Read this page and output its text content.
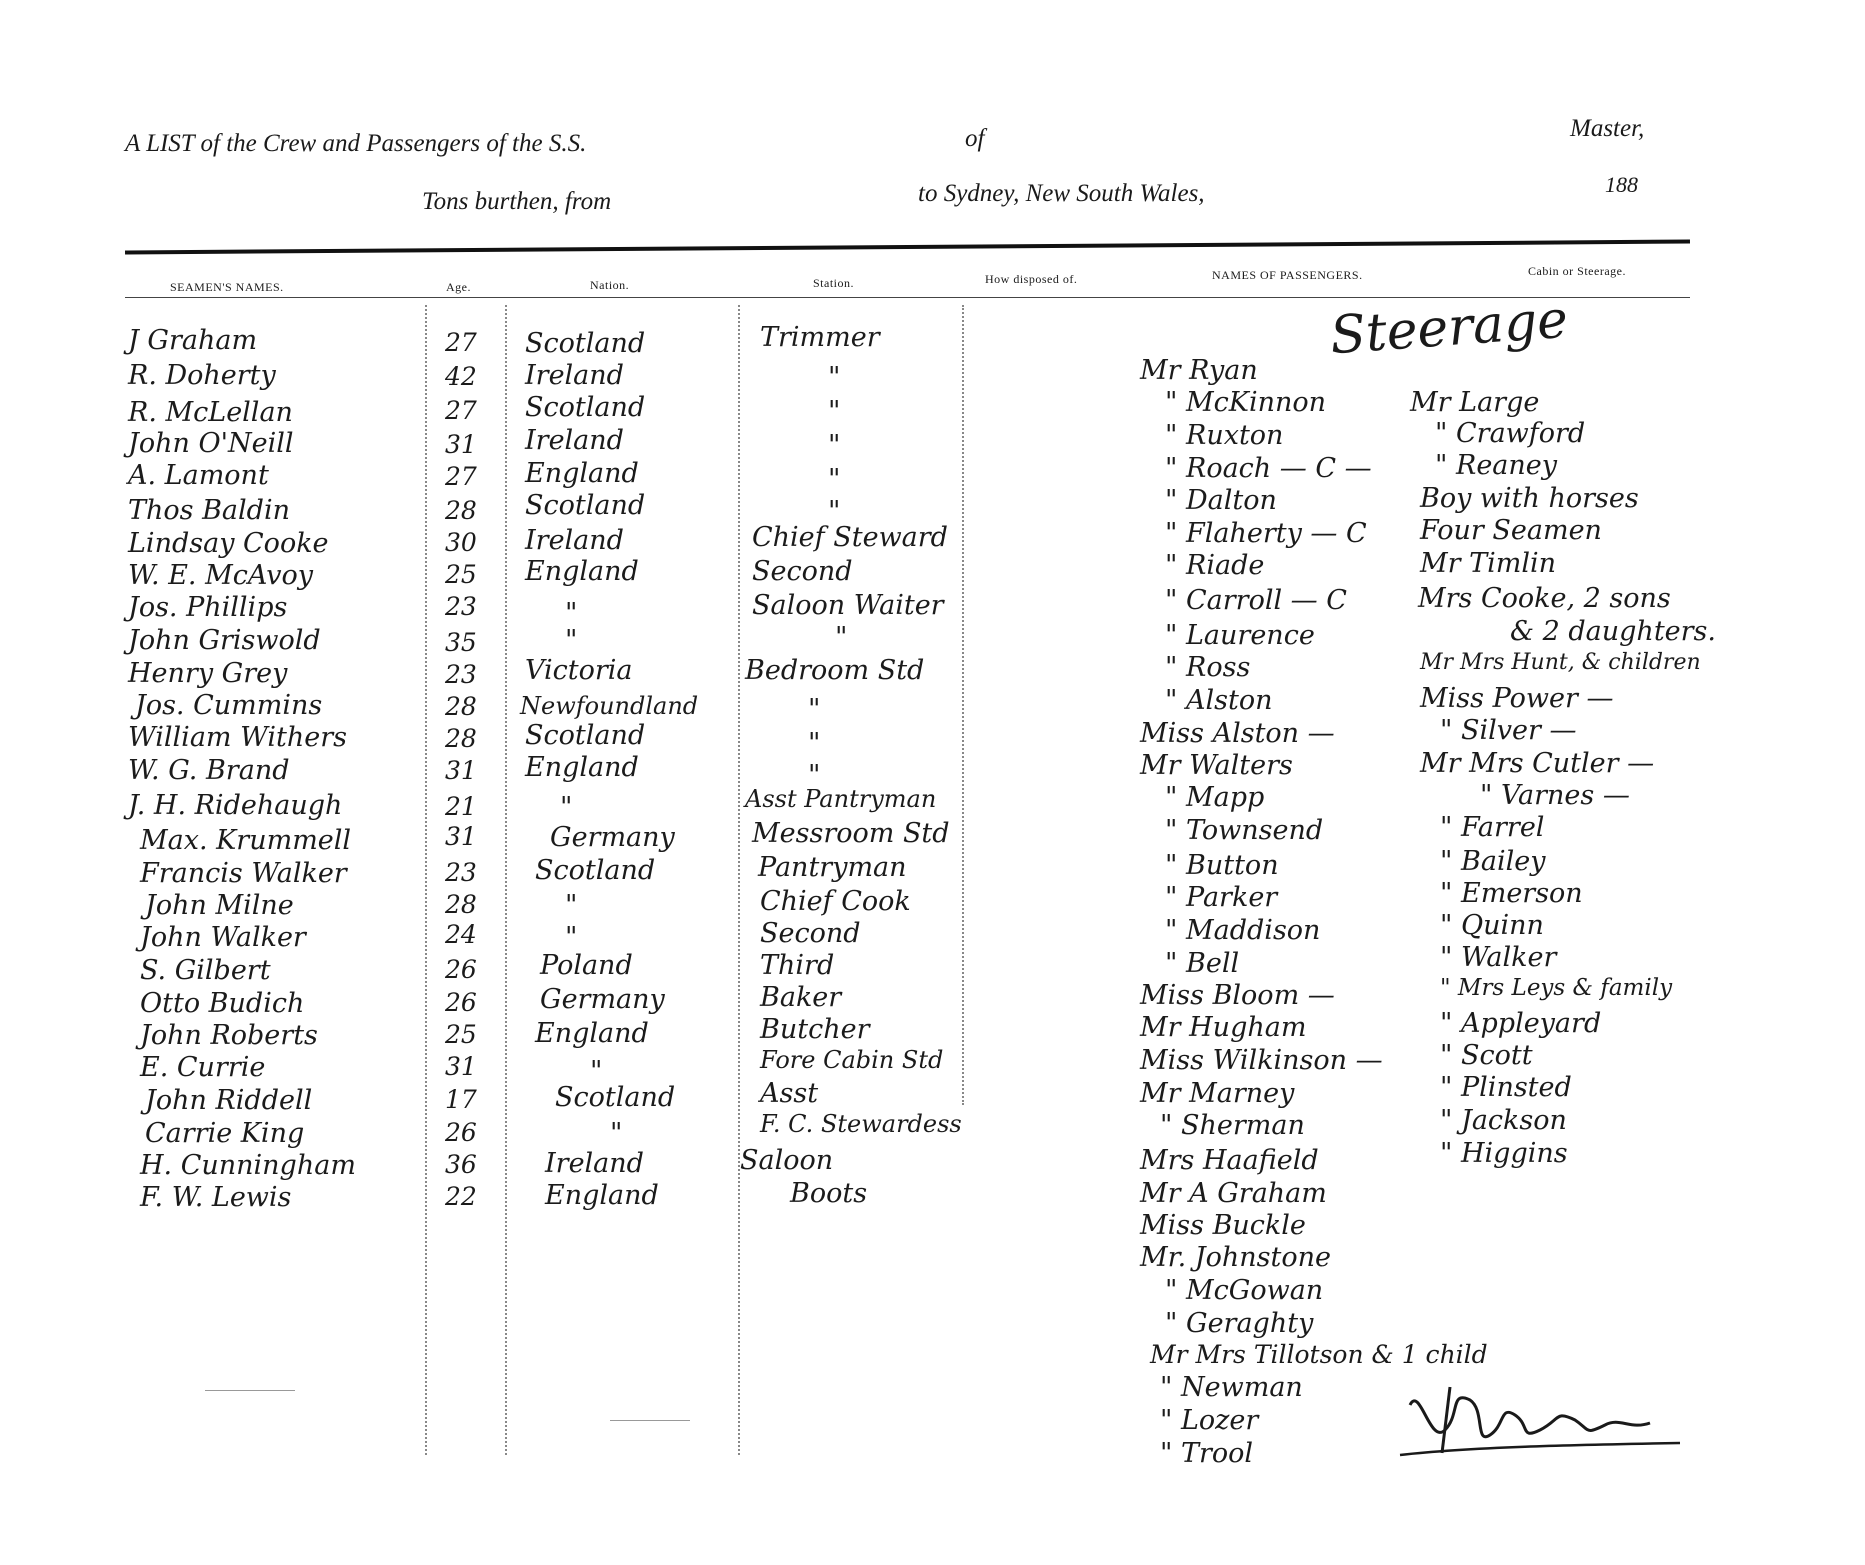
A LIST of the Crew and Passengers of the S.S.	of	Master,
Tons burthen, from	to Sydney, New South Wales,	188
SEAMEN'S NAMES.	Age.	Nation.	Station.	How disposed of.	NAMES OF PASSENGERS.	Cabin or Steerage.
J Graham	27 Scotland	Trimmer
R. Doherty	42 Ireland	"
R. McLellan	27 Scotland	"
John O'Neill	31 Ireland	"
A. Lamont	27 England	"
Thos Baldin	28 Scotland	"
Lindsay Cooke	30 Ireland	Chief Steward
W. E. McAvoy	25 England	Second
Jos. Phillips	23	"	Saloon Waiter
John Griswold	35	"	"
Henry Grey	23 Victoria	Bedroom Std
Jos. Cummins	28 Newfoundland	"
William Withers	28 Scotland	"
W. G. Brand	31 England	"
J. H. Ridehaugh	21	"	Asst Pantryman
Max. Krummell	31	Germany	Messroom Std
Francis Walker	23 Scotland	Pantryman
John Milne	28	"	Chief Cook
John Walker	24	"	Second
S. Gilbert	26 Poland	Third
Otto Budich	26 Germany	Baker
John Roberts	25 England	Butcher
E. Currie	31	"	Fore Cabin Std
John Riddell	17	Scotland	Asst
Carrie King	26	"	F. C. Stewardess
H. Cunningham	36	Ireland	Saloon
F. W. Lewis	22	England	Boots
Steerage
Mr Ryan
" McKinnon
" Ruxton
" Roach — C —
" Dalton
" Flaherty — C
" Riade
" Carroll — C
" Laurence
" Ross
" Alston
Miss Alston —
Mr Walters
" Mapp
" Townsend
" Button
" Parker
" Maddison
" Bell
Miss Bloom —
Mr Hugham
Miss Wilkinson —
Mr Marney
" Sherman
Mrs Haafield
Mr A Graham
Miss Buckle
Mr. Johnstone
" McGowan
" Geraghty
Mr Mrs Tillotson & 1 child
" Newman
" Lozer
" Trool
Mr Large
" Crawford
" Reaney
Boy with horses
Four Seamen
Mr Timlin
Mrs Cooke, 2 sons
& 2 daughters.
Mr Mrs Hunt, & children
Miss Power —
" Silver —
Mr Mrs Cutler —
" Varnes —
" Farrel
" Bailey
" Emerson
" Quinn
" Walker
" Mrs Leys & family
" Appleyard
" Scott
" Plinsted
" Jackson
" Higgins
